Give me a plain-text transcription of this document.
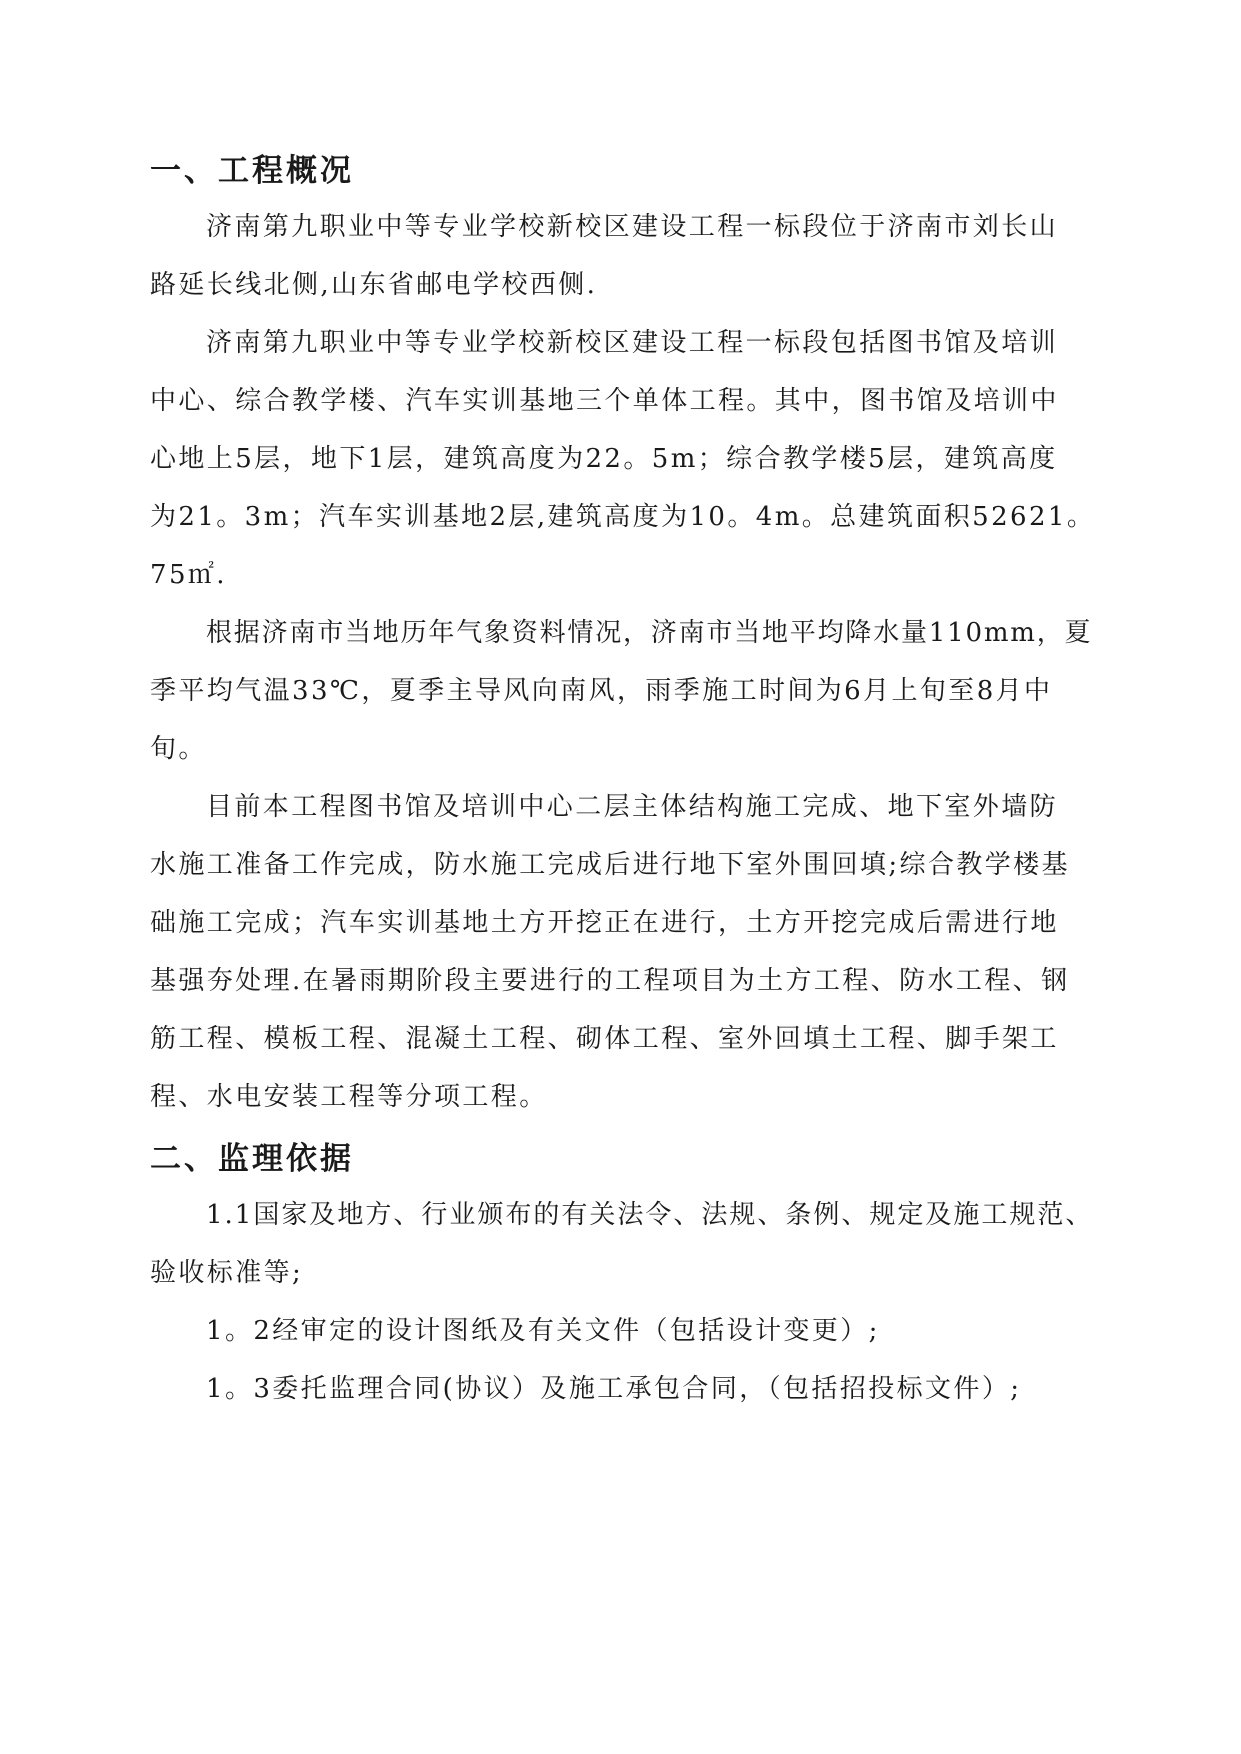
一、工程概况
济南第九职业中等专业学校新校区建设工程一标段位于济南市刘长山
路延长线北侧,山东省邮电学校西侧.
济南第九职业中等专业学校新校区建设工程一标段包括图书馆及培训
中心、综合教学楼、汽车实训基地三个单体工程。其中，图书馆及培训中
心地上5层，地下1层，建筑高度为22。5m；综合教学楼5层，建筑高度
为21。3m；汽车实训基地2层,建筑高度为10。4m。总建筑面积52621。
75㎡.
根据济南市当地历年气象资料情况，济南市当地平均降水量110mm，夏
季平均气温33℃，夏季主导风向南风，雨季施工时间为6月上旬至8月中
旬。
目前本工程图书馆及培训中心二层主体结构施工完成、地下室外墙防
水施工准备工作完成，防水施工完成后进行地下室外围回填;综合教学楼基
础施工完成；汽车实训基地土方开挖正在进行，土方开挖完成后需进行地
基强夯处理.在暑雨期阶段主要进行的工程项目为土方工程、防水工程、钢
筋工程、模板工程、混凝土工程、砌体工程、室外回填土工程、脚手架工
程、水电安装工程等分项工程。
二、监理依据
1.1国家及地方、行业颁布的有关法令、法规、条例、规定及施工规范、
验收标准等;
1。2经审定的设计图纸及有关文件（包括设计变更）;
1。3委托监理合同(协议）及施工承包合同，（包括招投标文件）;
